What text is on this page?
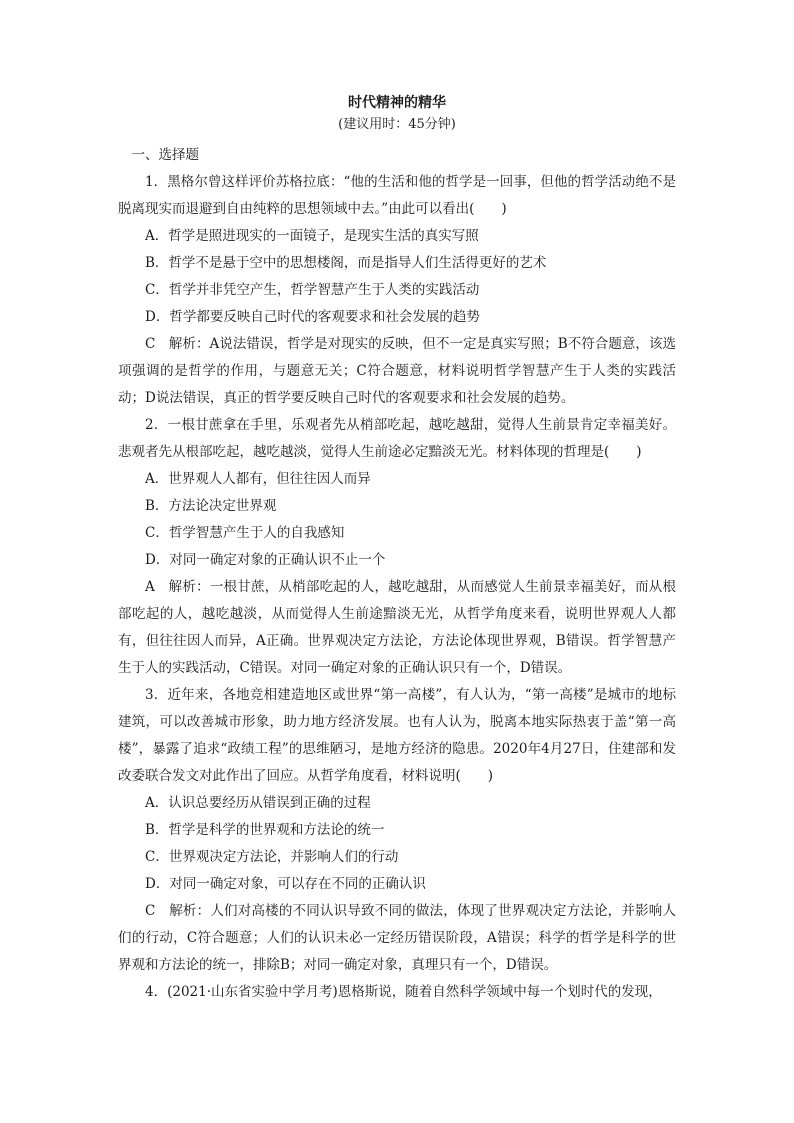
时代精神的精华

(建议用时：45分钟)

一、选择题

1．黑格尔曾这样评价苏格拉底：“他的生活和他的哲学是一回事，但他的哲学活动绝不是脱离现实而退避到自由纯粹的思想领域中去。”由此可以看出(　　)

A．哲学是照进现实的一面镜子，是现实生活的真实写照

B．哲学不是悬于空中的思想楼阁，而是指导人们生活得更好的艺术

C．哲学并非凭空产生，哲学智慧产生于人类的实践活动

D．哲学都要反映自己时代的客观要求和社会发展的趋势

C　解析：A说法错误，哲学是对现实的反映，但不一定是真实写照；B不符合题意，该选项强调的是哲学的作用，与题意无关；C符合题意，材料说明哲学智慧产生于人类的实践活动；D说法错误，真正的哲学要反映自己时代的客观要求和社会发展的趋势。

2．一根甘蔗拿在手里，乐观者先从梢部吃起，越吃越甜，觉得人生前景肯定幸福美好。悲观者先从根部吃起，越吃越淡，觉得人生前途必定黯淡无光。材料体现的哲理是(　　)

A．世界观人人都有，但往往因人而异

B．方法论决定世界观

C．哲学智慧产生于人的自我感知

D．对同一确定对象的正确认识不止一个

A　解析：一根甘蔗，从梢部吃起的人，越吃越甜，从而感觉人生前景幸福美好，而从根部吃起的人，越吃越淡，从而觉得人生前途黯淡无光，从哲学角度来看，说明世界观人人都有，但往往因人而异，A正确。世界观决定方法论，方法论体现世界观，B错误。哲学智慧产生于人的实践活动，C错误。对同一确定对象的正确认识只有一个，D错误。

3．近年来，各地竞相建造地区或世界“第一高楼”，有人认为，“第一高楼”是城市的地标建筑，可以改善城市形象，助力地方经济发展。也有人认为，脱离本地实际热衷于盖“第一高楼”，暴露了追求“政绩工程”的思维陋习，是地方经济的隐患。2020年4月27日，住建部和发改委联合发文对此作出了回应。从哲学角度看，材料说明(　　)

A．认识总要经历从错误到正确的过程

B．哲学是科学的世界观和方法论的统一

C．世界观决定方法论，并影响人们的行动

D．对同一确定对象，可以存在不同的正确认识

C　解析：人们对高楼的不同认识导致不同的做法，体现了世界观决定方法论，并影响人们的行动，C符合题意；人们的认识未必一定经历错误阶段，A错误；科学的哲学是科学的世界观和方法论的统一，排除B；对同一确定对象，真理只有一个，D错误。

4．(2021·山东省实验中学月考)恩格斯说，随着自然科学领域中每一个划时代的发现，
